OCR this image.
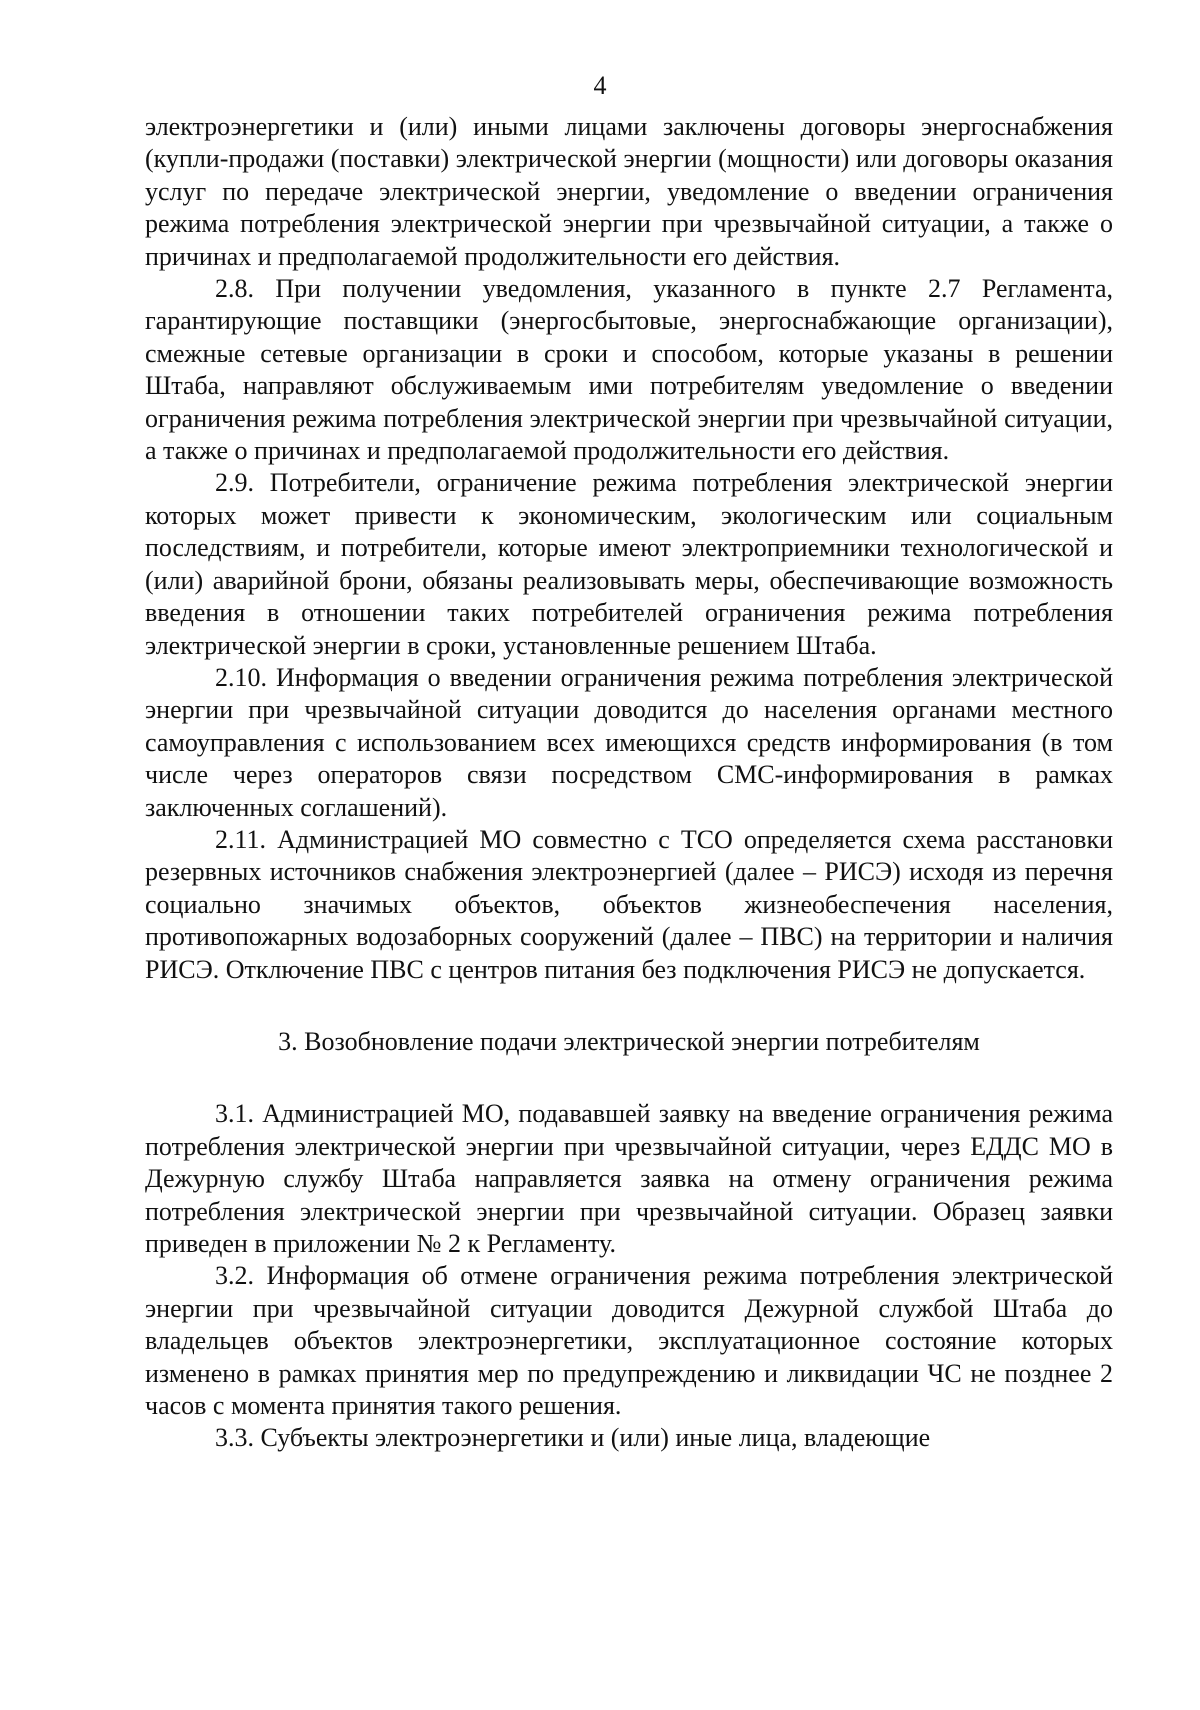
4

электроэнергетики и (или) иными лицами заключены договоры энергоснабжения (купли-продажи (поставки) электрической энергии (мощности) или договоры оказания услуг по передаче электрической энергии, уведомление о введении ограничения режима потребления электрической энергии при чрезвычайной ситуации, а также о причинах и предполагаемой продолжительности его действия.

2.8. При получении уведомления, указанного в пункте 2.7 Регламента, гарантирующие поставщики (энергосбытовые, энергоснабжающие организации), смежные сетевые организации в сроки и способом, которые указаны в решении Штаба, направляют обслуживаемым ими потребителям уведомление о введении ограничения режима потребления электрической энергии при чрезвычайной ситуации, а также о причинах и предполагаемой продолжительности его действия.

2.9. Потребители, ограничение режима потребления электрической энергии которых может привести к экономическим, экологическим или социальным последствиям, и потребители, которые имеют электроприемники технологической и (или) аварийной брони, обязаны реализовывать меры, обеспечивающие возможность введения в отношении таких потребителей ограничения режима потребления электрической энергии в сроки, установленные решением Штаба.

2.10. Информация о введении ограничения режима потребления электрической энергии при чрезвычайной ситуации доводится до населения органами местного самоуправления с использованием всех имеющихся средств информирования (в том числе через операторов связи посредством СМС-информирования в рамках заключенных соглашений).

2.11. Администрацией МО совместно с ТСО определяется схема расстановки резервных источников снабжения электроэнергией (далее – РИСЭ) исходя из перечня социально значимых объектов, объектов жизнеобеспечения населения, противопожарных водозаборных сооружений (далее – ПВС) на территории и наличия РИСЭ. Отключение ПВС с центров питания без подключения РИСЭ не допускается.

3. Возобновление подачи электрической энергии потребителям

3.1. Администрацией МО, подававшей заявку на введение ограничения режима потребления электрической энергии при чрезвычайной ситуации, через ЕДДС МО в Дежурную службу Штаба направляется заявка на отмену ограничения режима потребления электрической энергии при чрезвычайной ситуации. Образец заявки приведен в приложении № 2 к Регламенту.

3.2. Информация об отмене ограничения режима потребления электрической энергии при чрезвычайной ситуации доводится Дежурной службой Штаба до владельцев объектов электроэнергетики, эксплуатационное состояние которых изменено в рамках принятия мер по предупреждению и ликвидации ЧС не позднее 2 часов с момента принятия такого решения.

3.3. Субъекты электроэнергетики и (или) иные лица, владеющие
